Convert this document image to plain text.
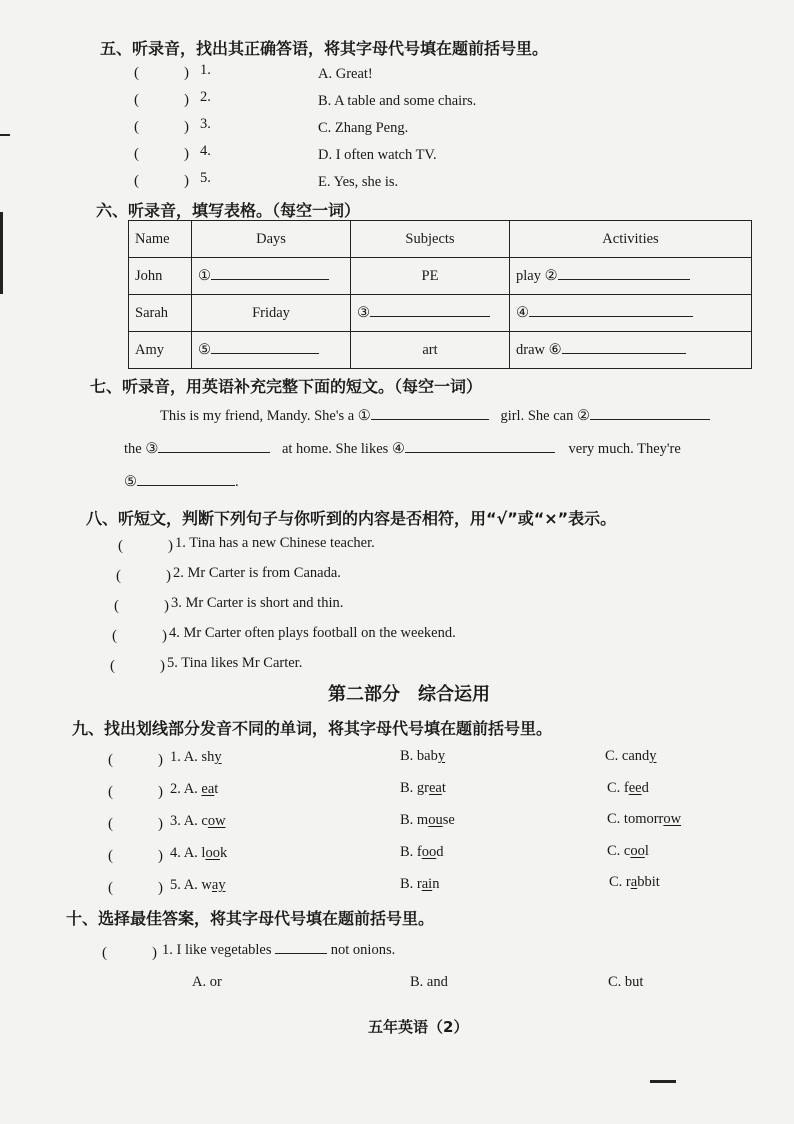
五、听录音，找出其正确答语，将其字母代号填在题前括号里。
(　　　) 1.	A. Great!
(　　　) 2.	B. A table and some chairs.
(　　　) 3.	C. Zhang Peng.
(　　　) 4.	D. I often watch TV.
(　　　) 5.	E. Yes, she is.
六、听录音，填写表格。（每空一词）
Name	Days	Subjects	Activities
John	①	PE	play ②
Sarah	Friday	③	④
Amy	⑤	art	draw ⑥
七、听录音，用英语补充完整下面的短文。（每空一词）
This is my friend, Mandy. She's a ①	girl. She can ②
the ③	at home. She likes ④	very much. They're
⑤	.
八、听短文，判断下列句子与你听到的内容是否相符，用“√”或“×”表示。
(　　　) 1. Tina has a new Chinese teacher.
(　　　) 2. Mr Carter is from Canada.
(　　　) 3. Mr Carter is short and thin.
(　　　) 4. Mr Carter often plays football on the weekend.
(　　　) 5. Tina likes Mr Carter.
第二部分　综合运用
九、找出划线部分发音不同的单词，将其字母代号填在题前括号里。
(　　　) 1. A. shy	B. baby	C. candy
(　　　) 2. A. eat	B. great	C. feed
(　　　) 3. A. cow	B. mouse	C. tomorrow
(　　　) 4. A. look	B. food	C. cool
(　　　) 5. A. way	B. rain	C. rabbit
十、选择最佳答案，将其字母代号填在题前括号里。
(　　　) 1. I like vegetables	not onions.
A. or	B. and	C. but
五年英语（2）
